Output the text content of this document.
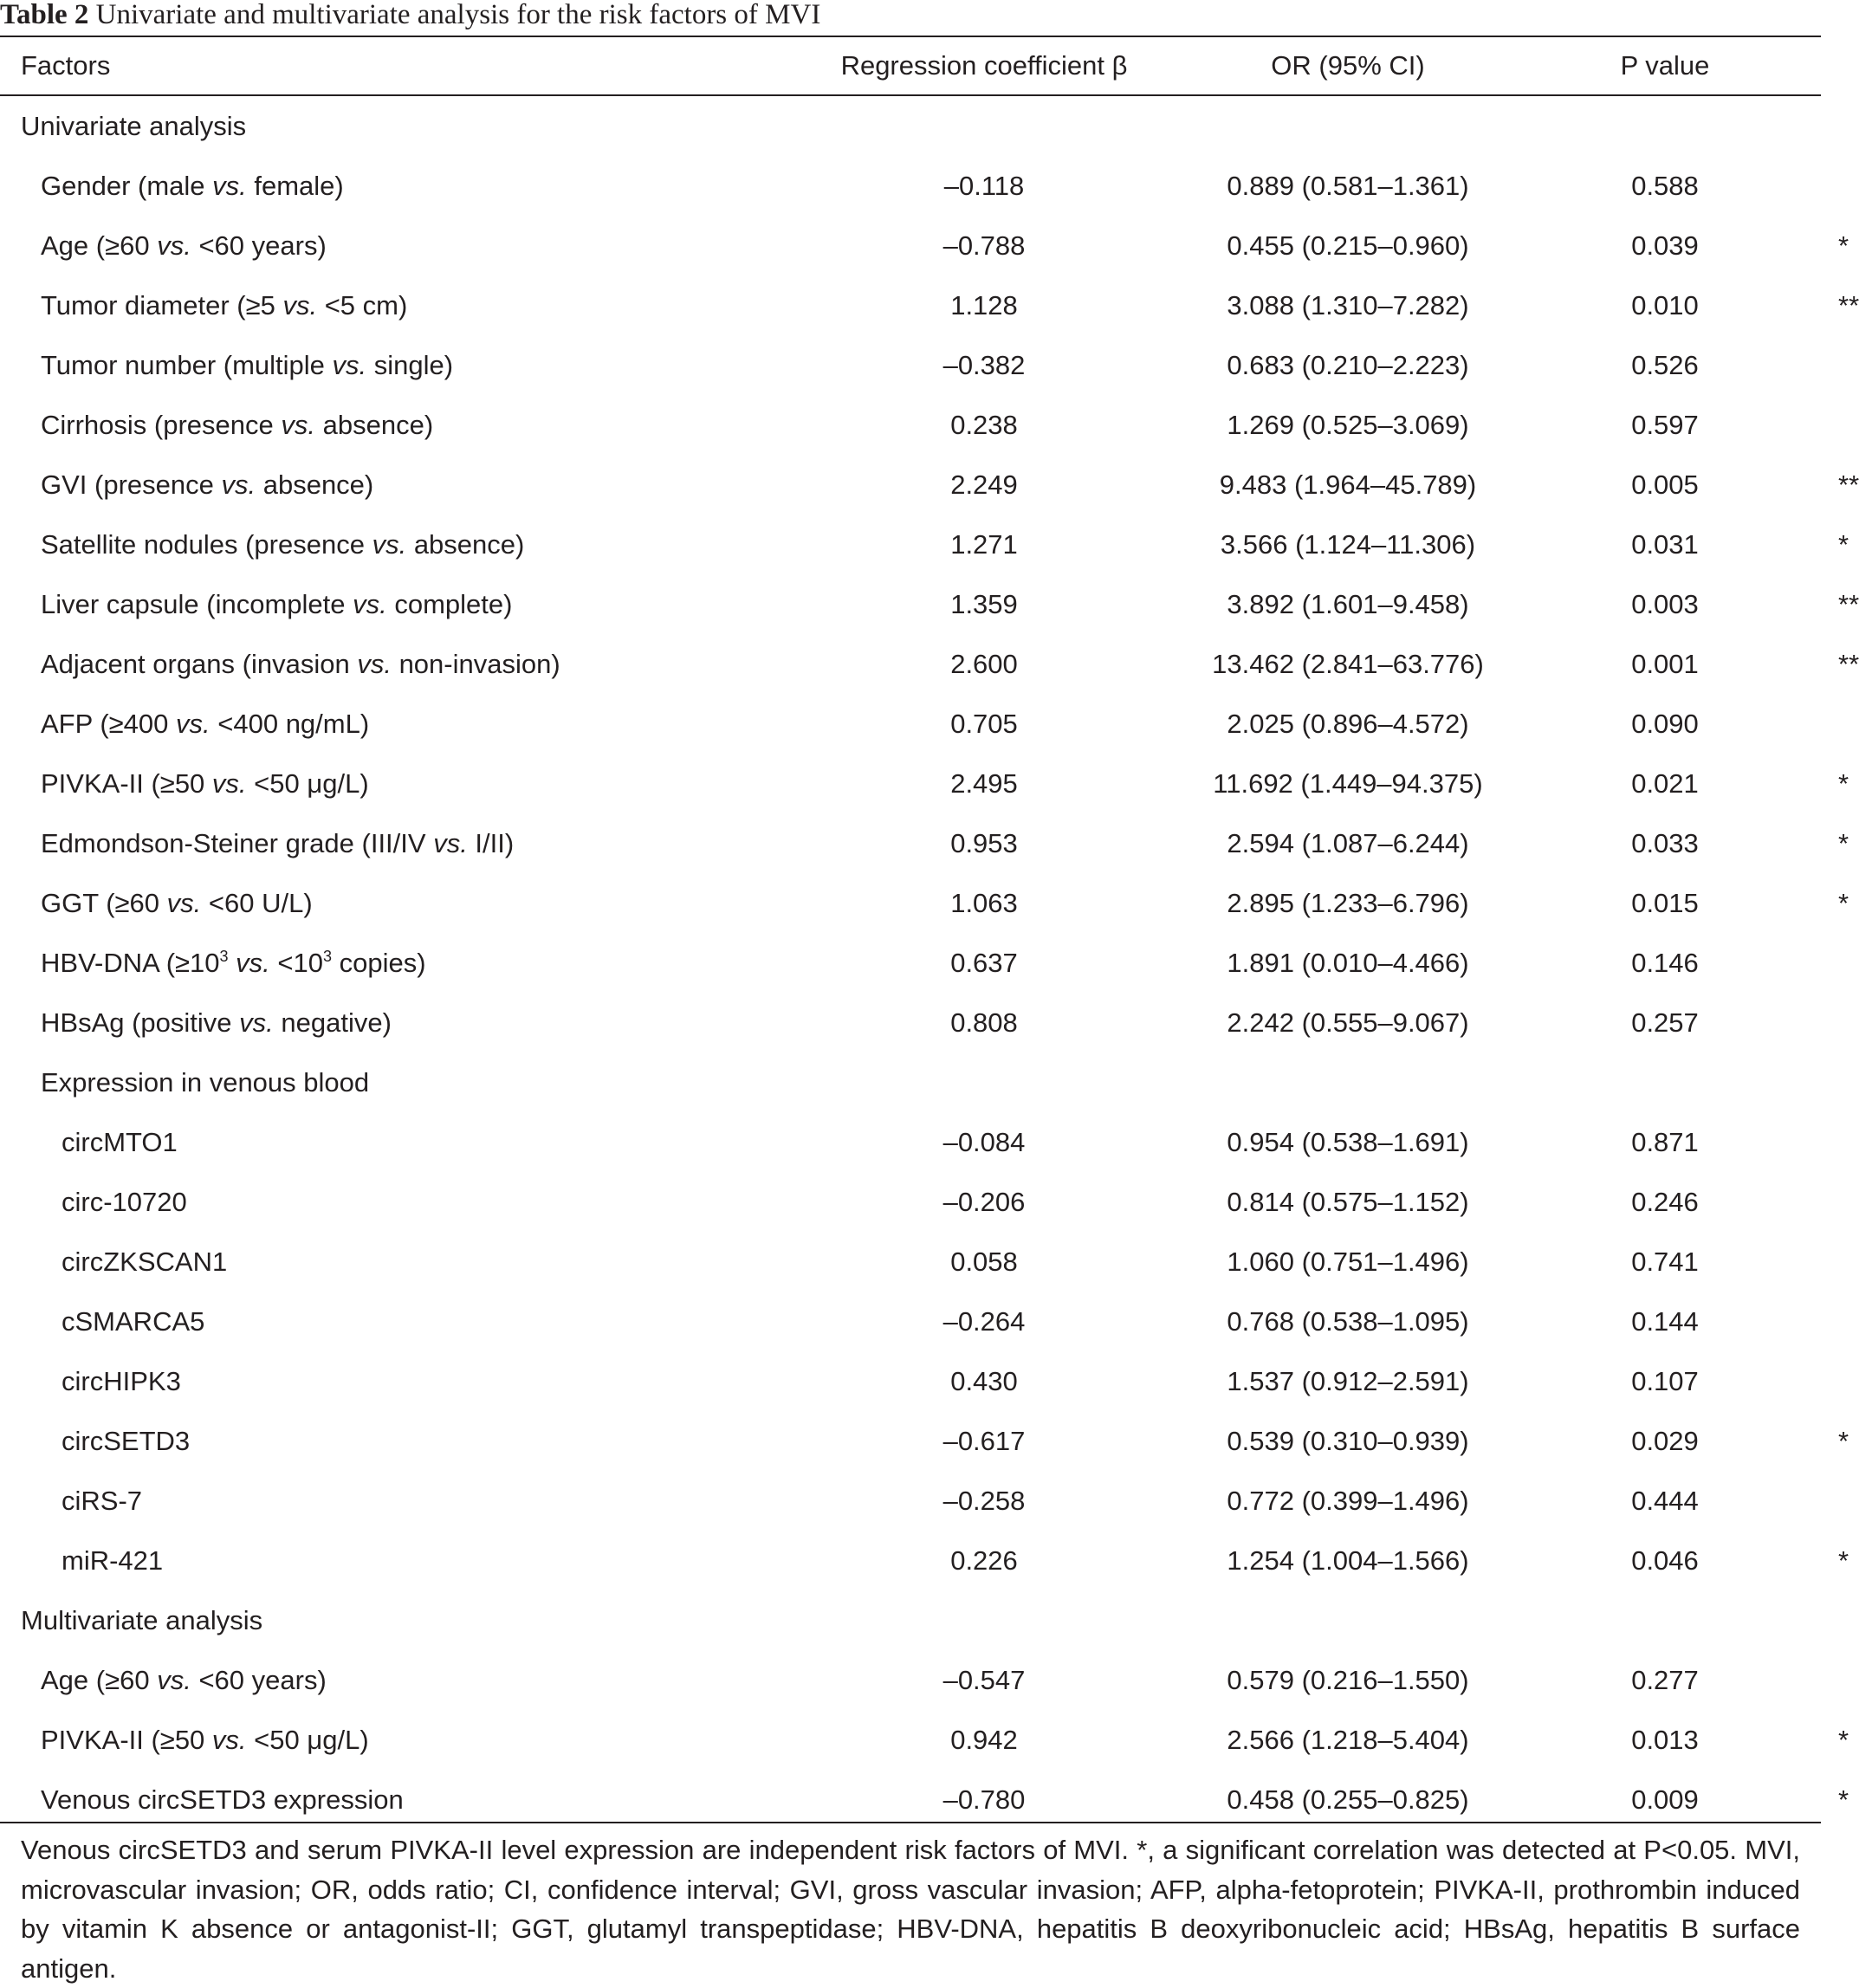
Table 2 Univariate and multivariate analysis for the risk factors of MVI
Factors	Regression coefficient β	OR (95% CI)	P value
Univariate analysis
Gender (male vs. female)	–0.118	0.889 (0.581–1.361)	0.588
Age (≥60 vs. <60 years)	–0.788	0.455 (0.215–0.960)	0.039	*
Tumor diameter (≥5 vs. <5 cm)	1.128	3.088 (1.310–7.282)	0.010	**
Tumor number (multiple vs. single)	–0.382	0.683 (0.210–2.223)	0.526
Cirrhosis (presence vs. absence)	0.238	1.269 (0.525–3.069)	0.597
GVI (presence vs. absence)	2.249	9.483 (1.964–45.789)	0.005	**
Satellite nodules (presence vs. absence)	1.271	3.566 (1.124–11.306)	0.031	*
Liver capsule (incomplete vs. complete)	1.359	3.892 (1.601–9.458)	0.003	**
Adjacent organs (invasion vs. non-invasion)	2.600	13.462 (2.841–63.776)	0.001	**
AFP (≥400 vs. <400 ng/mL)	0.705	2.025 (0.896–4.572)	0.090
PIVKA-II (≥50 vs. <50 μg/L)	2.495	11.692 (1.449–94.375)	0.021	*
Edmondson-Steiner grade (III/IV vs. I/II)	0.953	2.594 (1.087–6.244)	0.033	*
GGT (≥60 vs. <60 U/L)	1.063	2.895 (1.233–6.796)	0.015	*
HBV-DNA ($\ge 10^3$ vs. $<10^3$ copies)	0.637	1.891 (0.010–4.466)	0.146
HBsAg (positive vs. negative)	0.808	2.242 (0.555–9.067)	0.257
Expression in venous blood
circMTO1	–0.084	0.954 (0.538–1.691)	0.871
circ-10720	–0.206	0.814 (0.575–1.152)	0.246
circZKSCAN1	0.058	1.060 (0.751–1.496)	0.741
cSMARCA5	–0.264	0.768 (0.538–1.095)	0.144
circHIPK3	0.430	1.537 (0.912–2.591)	0.107
circSETD3	–0.617	0.539 (0.310–0.939)	0.029	*
ciRS-7	–0.258	0.772 (0.399–1.496)	0.444
miR-421	0.226	1.254 (1.004–1.566)	0.046	*
Multivariate analysis
Age (≥60 vs. <60 years)	–0.547	0.579 (0.216–1.550)	0.277
PIVKA-II (≥50 vs. <50 μg/L)	0.942	2.566 (1.218–5.404)	0.013	*
Venous circSETD3 expression	–0.780	0.458 (0.255–0.825)	0.009	*
Venous circSETD3 and serum PIVKA-II level expression are independent risk factors of MVI. *, a significant correlation was detected at P<0.05. MVI, microvascular invasion; OR, odds ratio; CI, confidence interval; GVI, gross vascular invasion; AFP, alpha-fetoprotein; PIVKA-II, prothrombin induced by vitamin K absence or antagonist-II; GGT, glutamyl transpeptidase; HBV-DNA, hepatitis B deoxyribonucleic acid; HBsAg, hepatitis B surface antigen.
